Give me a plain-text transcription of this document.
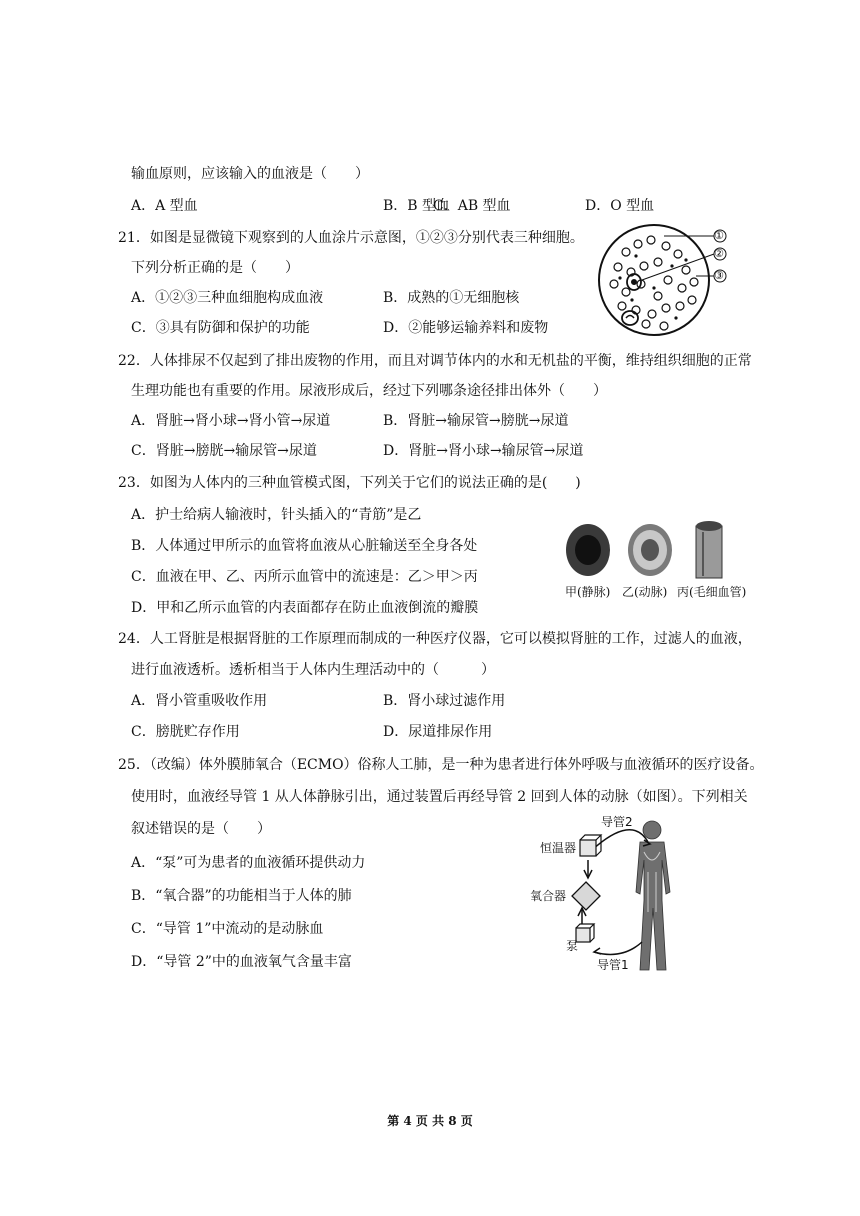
输血原则，应该输入的血液是（　　）
A．A 型血	B．B 型血
C．AB 型血	D．O 型血
21．如图是显微镜下观察到的人血涂片示意图，①②③分别代表三种细胞。
下列分析正确的是（　　）
A．①②③三种血细胞构成血液	B．成熟的①无细胞核
C．③具有防御和保护的功能	D．②能够运输养料和废物
①
②
③
22．人体排尿不仅起到了排出废物的作用，而且对调节体内的水和无机盐的平衡，维持组织细胞的正常
生理功能也有重要的作用。尿液形成后，经过下列哪条途径排出体外（　　）
A．肾脏→肾小球→肾小管→尿道	B．肾脏→输尿管→膀胱→尿道
C．肾脏→膀胱→输尿管→尿道	D．肾脏→肾小球→输尿管→尿道
23．如图为人体内的三种血管模式图，下列关于它们的说法正确的是(　　)
A．护士给病人输液时，针头插入的“青筋”是乙
B．人体通过甲所示的血管将血液从心脏输送至全身各处
C．血液在甲、乙、丙所示血管中的流速是：乙＞甲＞丙
D．甲和乙所示血管的内表面都存在防止血液倒流的瓣膜
甲(静脉) 乙(动脉) 丙(毛细血管)
24．人工肾脏是根据肾脏的工作原理而制成的一种医疗仪器，它可以模拟肾脏的工作，过滤人的血液，
进行血液透析。透析相当于人体内生理活动中的（　　　）
A．肾小管重吸收作用	B．肾小球过滤作用
C．膀胱贮存作用	D．尿道排尿作用
25．（改编）体外膜肺氧合（ECMO）俗称人工肺，是一种为患者进行体外呼吸与血液循环的医疗设备。
使用时，血液经导管 1 从人体静脉引出，通过装置后再经导管 2 回到人体的动脉（如图）。下列相关
叙述错误的是（　　）
A．“泵”可为患者的血液循环提供动力
B．“氧合器”的功能相当于人体的肺
C．“导管 1”中流动的是动脉血
D．“导管 2”中的血液氧气含量丰富
导管2
恒温器
氧合器
泵
导管1
第 4 页 共 8 页
